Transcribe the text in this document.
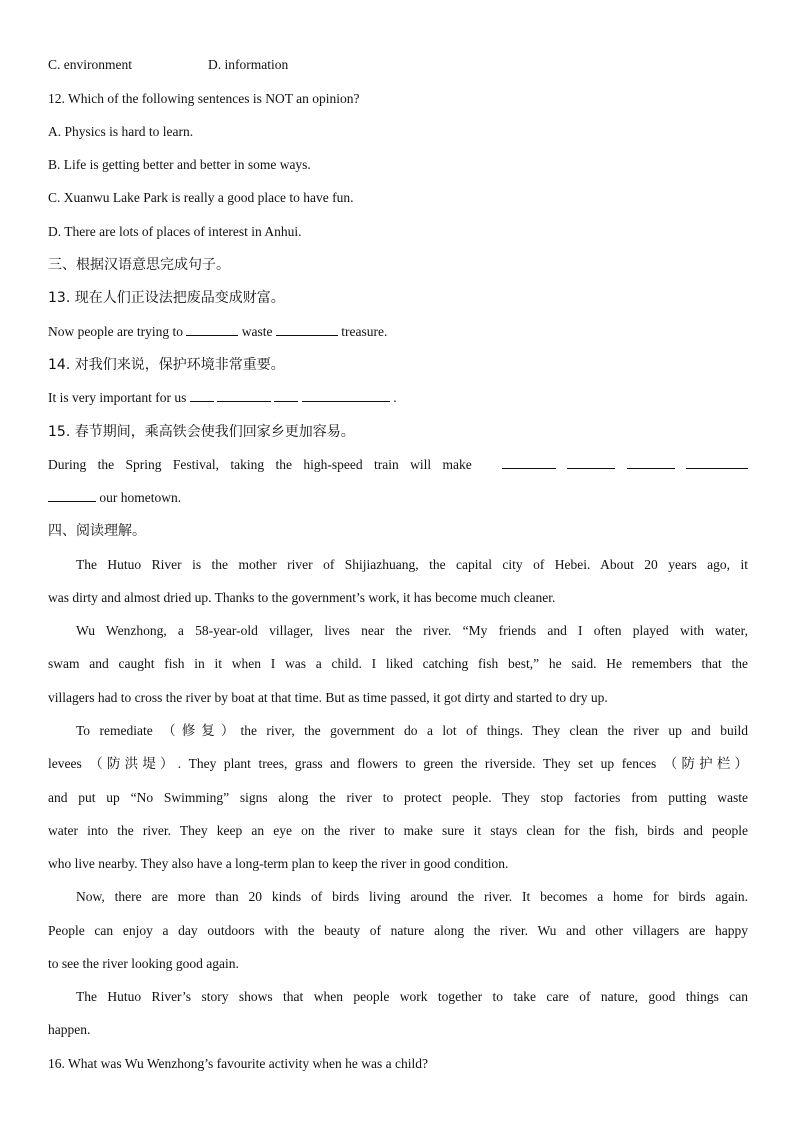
C. environment	D. information
12. Which of the following sentences is NOT an opinion?
A. Physics is hard to learn.
B. Life is getting better and better in some ways.
C. Xuanwu Lake Park is really a good place to have fun.
D. There are lots of places of interest in Anhui.
三、根据汉语意思完成句子。
13. 现在人们正设法把废品变成财富。
Now people are trying to	waste	treasure.
14. 对我们来说，保护环境非常重要。
It is very important for us	.
15. 春节期间，乘高铁会使我们回家乡更加容易。
During the Spring Festival, taking the high-speed train will make

our hometown.
四、阅读理解。
The Hutuo River is the mother river of Shijiazhuang, the capital city of Hebei. About 20 years ago, it
was dirty and almost dried up. Thanks to the government’s work, it has become much cleaner.
Wu Wenzhong, a 58-year-old villager, lives near the river. “My friends and I often played with water,
swam and caught fish in it when I was a child. I liked catching fish best,” he said. He remembers that the
villagers had to cross the river by boat at that time. But as time passed, it got dirty and started to dry up.
To remediate （修复）the river, the government do a lot of things. They clean the river up and build
levees （防洪堤）. They plant trees, grass and flowers to green the riverside. They set up fences （防护栏）
and put up “No Swimming” signs along the river to protect people. They stop factories from putting waste
water into the river. They keep an eye on the river to make sure it stays clean for the fish, birds and people
who live nearby. They also have a long-term plan to keep the river in good condition.
Now, there are more than 20 kinds of birds living around the river. It becomes a home for birds again.
People can enjoy a day outdoors with the beauty of nature along the river. Wu and other villagers are happy
to see the river looking good again.
The Hutuo River’s story shows that when people work together to take care of nature, good things can
happen.
16. What was Wu Wenzhong’s favourite activity when he was a child?
